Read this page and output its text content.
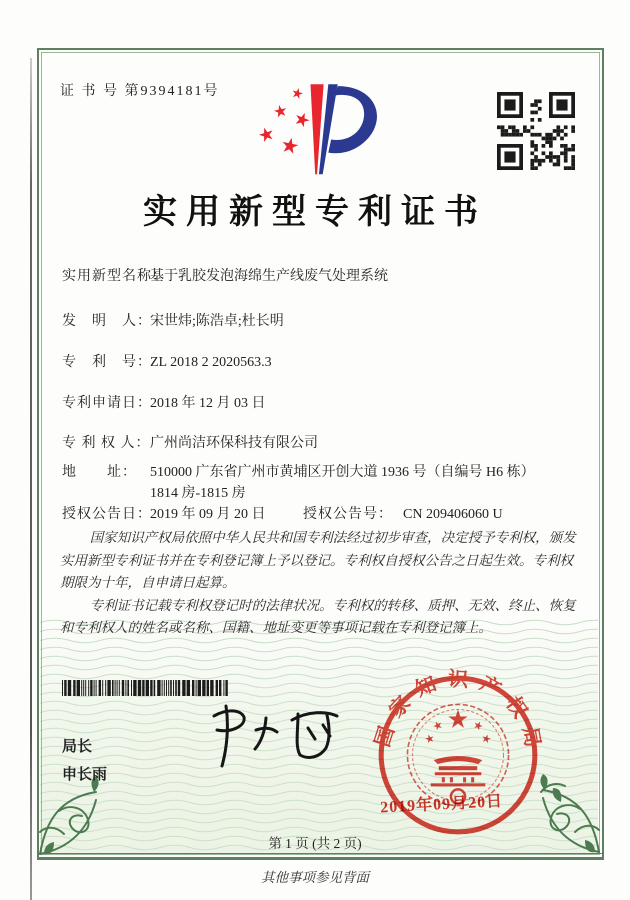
证 书 号 第9394181号
实用新型专利证书
实用新型名称：
基于乳胶发泡海绵生产线废气处理系统
发　明　人：
宋世炜;陈浩卓;杜长明
专　利　号：
ZL 2018 2 2020563.3
专利申请日：
2018 年 12 月 03 日
专 利 权 人： 广州尚洁环保科技有限公司
地　　址： 510000 广东省广州市黄埔区开创大道 1936 号（自编号 H6 栋）1814 房-1815 房
授权公告日：
2019 年 09 月 20 日	授权公告号： CN 209406060 U

国家知识产权局依照中华人民共和国专利法经过初步审查，决定授予专利权，颁发实用新型专利证书并在专利登记簿上予以登记。专利权自授权公告之日起生效。专利权期限为十年，自申请日起算。

专利证书记载专利权登记时的法律状况。专利权的转移、质押、无效、终止、恢复和专利权人的姓名或名称、国籍、地址变更等事项记载在专利登记簿上。

局长
申长雨
国家知识产权局
2019年09月20日
第 1 页 (共 2 页)
其他事项参见背面
